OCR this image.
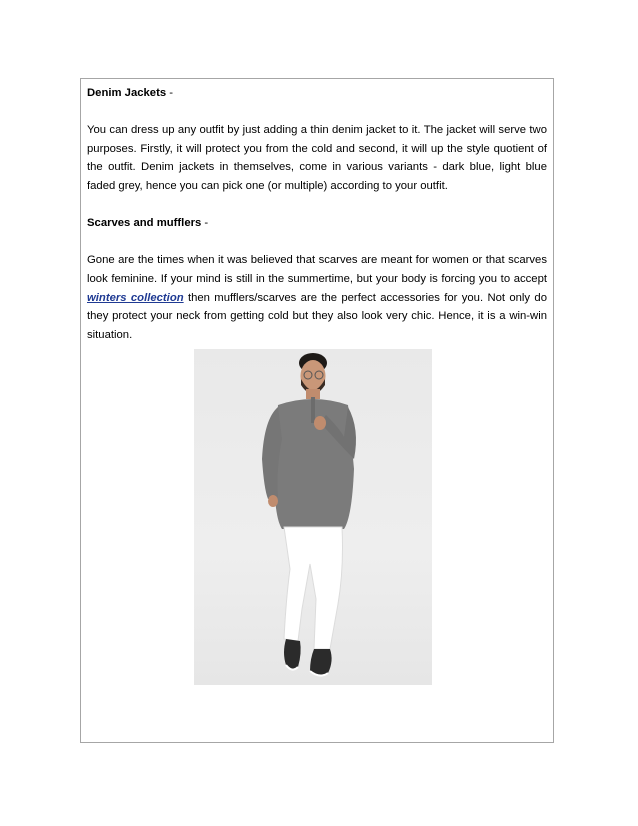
Denim Jackets -

You can dress up any outfit by just adding a thin denim jacket to it. The jacket will serve two purposes. Firstly, it will protect you from the cold and second, it will up the style quotient of the outfit. Denim jackets in themselves, come in various variants - dark blue, light blue faded grey, hence you can pick one (or multiple) according to your outfit.

Scarves and mufflers -

Gone are the times when it was believed that scarves are meant for women or that scarves look feminine. If your mind is still in the summertime, but your body is forcing you to accept winters collection then mufflers/scarves are the perfect accessories for you. Not only do they protect your neck from getting cold but they also look very chic. Hence, it is a win-win situation.
